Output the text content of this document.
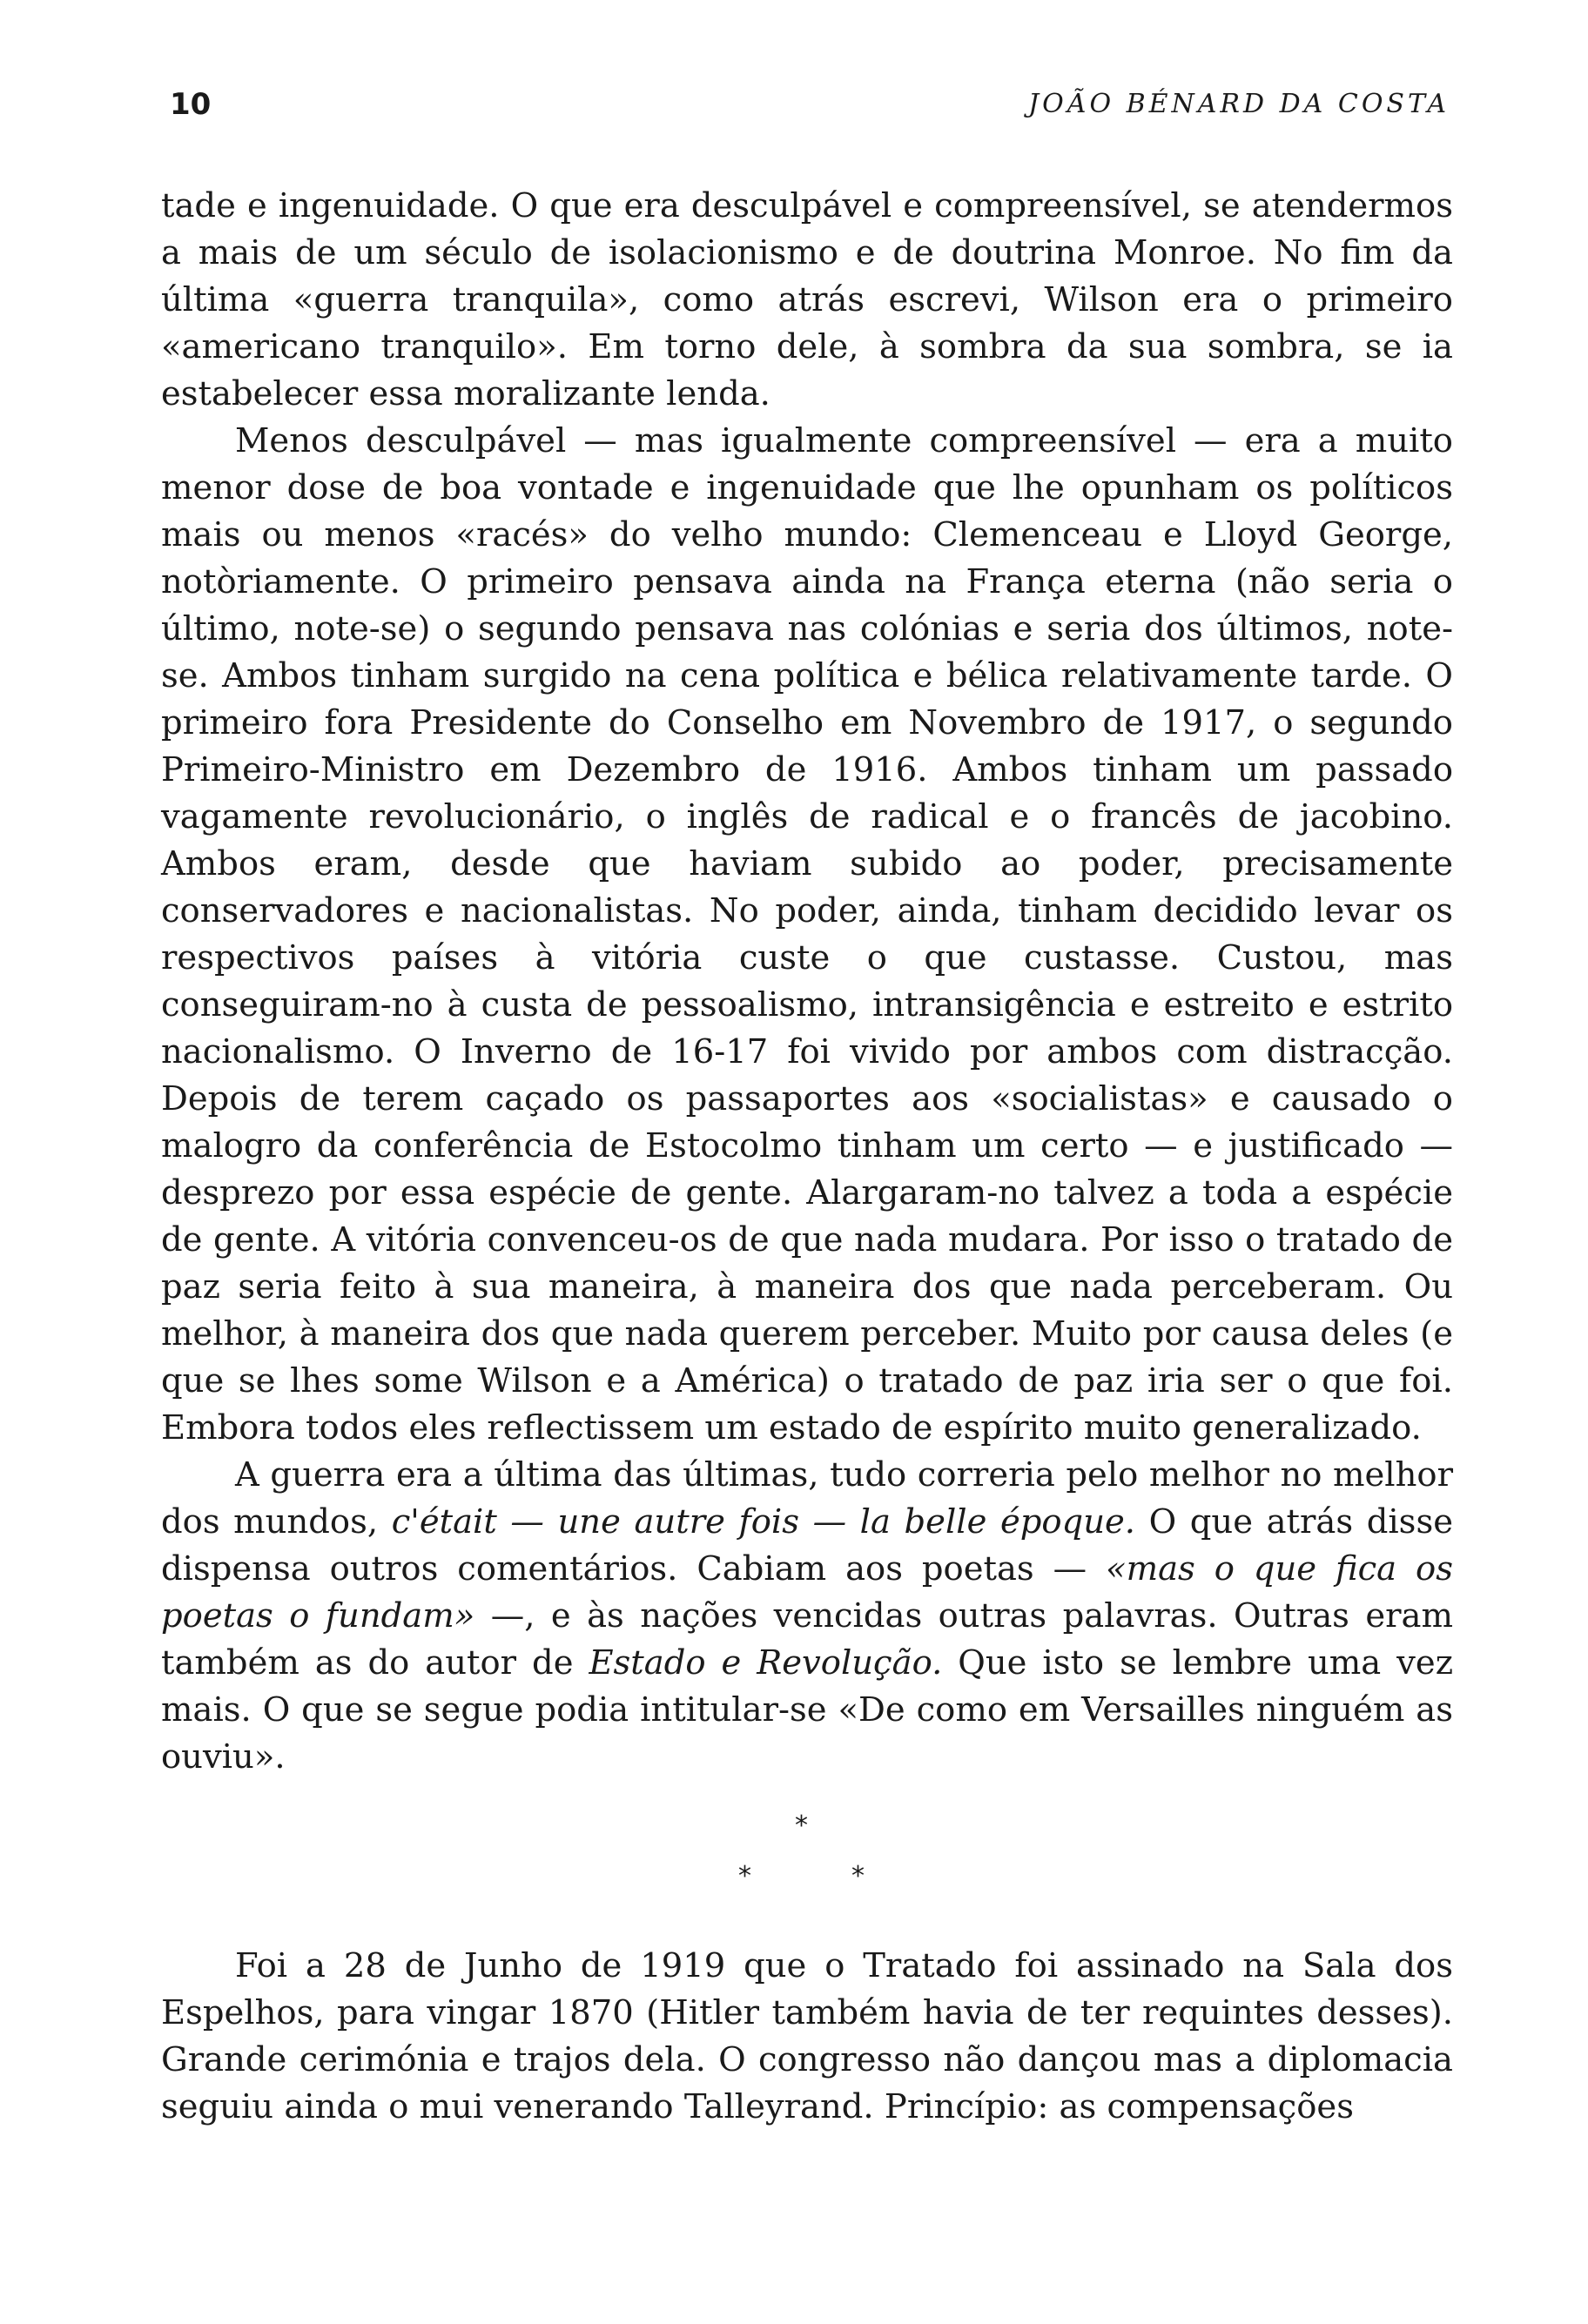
10	JOÃO BÉNARD DA COSTA

tade e ingenuidade. O que era desculpável e compreensível, se atendermos a mais de um século de isolacionismo e de doutrina Monroe. No fim da última «guerra tranquila», como atrás escrevi, Wilson era o primeiro «americano tranquilo». Em torno dele, à sombra da sua sombra, se ia estabelecer essa moralizante lenda.

Menos desculpável — mas igualmente compreensível — era a muito menor dose de boa vontade e ingenuidade que lhe opunham os políticos mais ou menos «racés» do velho mundo: Clemenceau e Lloyd George, notòriamente. O primeiro pensava ainda na França eterna (não seria o último, note-se) o segundo pensava nas colónias e seria dos últimos, note-se. Ambos tinham surgido na cena política e bélica relativamente tarde. O primeiro fora Presidente do Conselho em Novembro de 1917, o segundo Primeiro-Ministro em Dezembro de 1916. Ambos tinham um passado vagamente revolucionário, o inglês de radical e o francês de jacobino. Ambos eram, desde que haviam subido ao poder, precisamente conservadores e nacionalistas. No poder, ainda, tinham decidido levar os respectivos países à vitória custe o que custasse. Custou, mas conseguiram-no à custa de pessoalismo, intransigência e estreito e estrito nacionalismo. O Inverno de 16-17 foi vivido por ambos com distracção. Depois de terem caçado os passaportes aos «socialistas» e causado o malogro da conferência de Estocolmo tinham um certo — e justificado — desprezo por essa espécie de gente. Alargaram-no talvez a toda a espécie de gente. A vitória convenceu-os de que nada mudara. Por isso o tratado de paz seria feito à sua maneira, à maneira dos que nada perceberam. Ou melhor, à maneira dos que nada querem perceber. Muito por causa deles (e que se lhes some Wilson e a América) o tratado de paz iria ser o que foi. Embora todos eles reflectissem um estado de espírito muito generalizado.

A guerra era a última das últimas, tudo correria pelo melhor no melhor dos mundos, c'était — une autre fois — la belle époque. O que atrás disse dispensa outros comentários. Cabiam aos poetas — «mas o que fica os poetas o fundam» —, e às nações vencidas outras palavras. Outras eram também as do autor de Estado e Revolução. Que isto se lembre uma vez mais. O que se segue podia intitular-se «De como em Versailles ninguém as ouviu».

*
*	*

Foi a 28 de Junho de 1919 que o Tratado foi assinado na Sala dos Espelhos, para vingar 1870 (Hitler também havia de ter requintes desses). Grande cerimónia e trajos dela. O congresso não dançou mas a diplomacia seguiu ainda o mui venerando Talleyrand. Princípio: as compensações
